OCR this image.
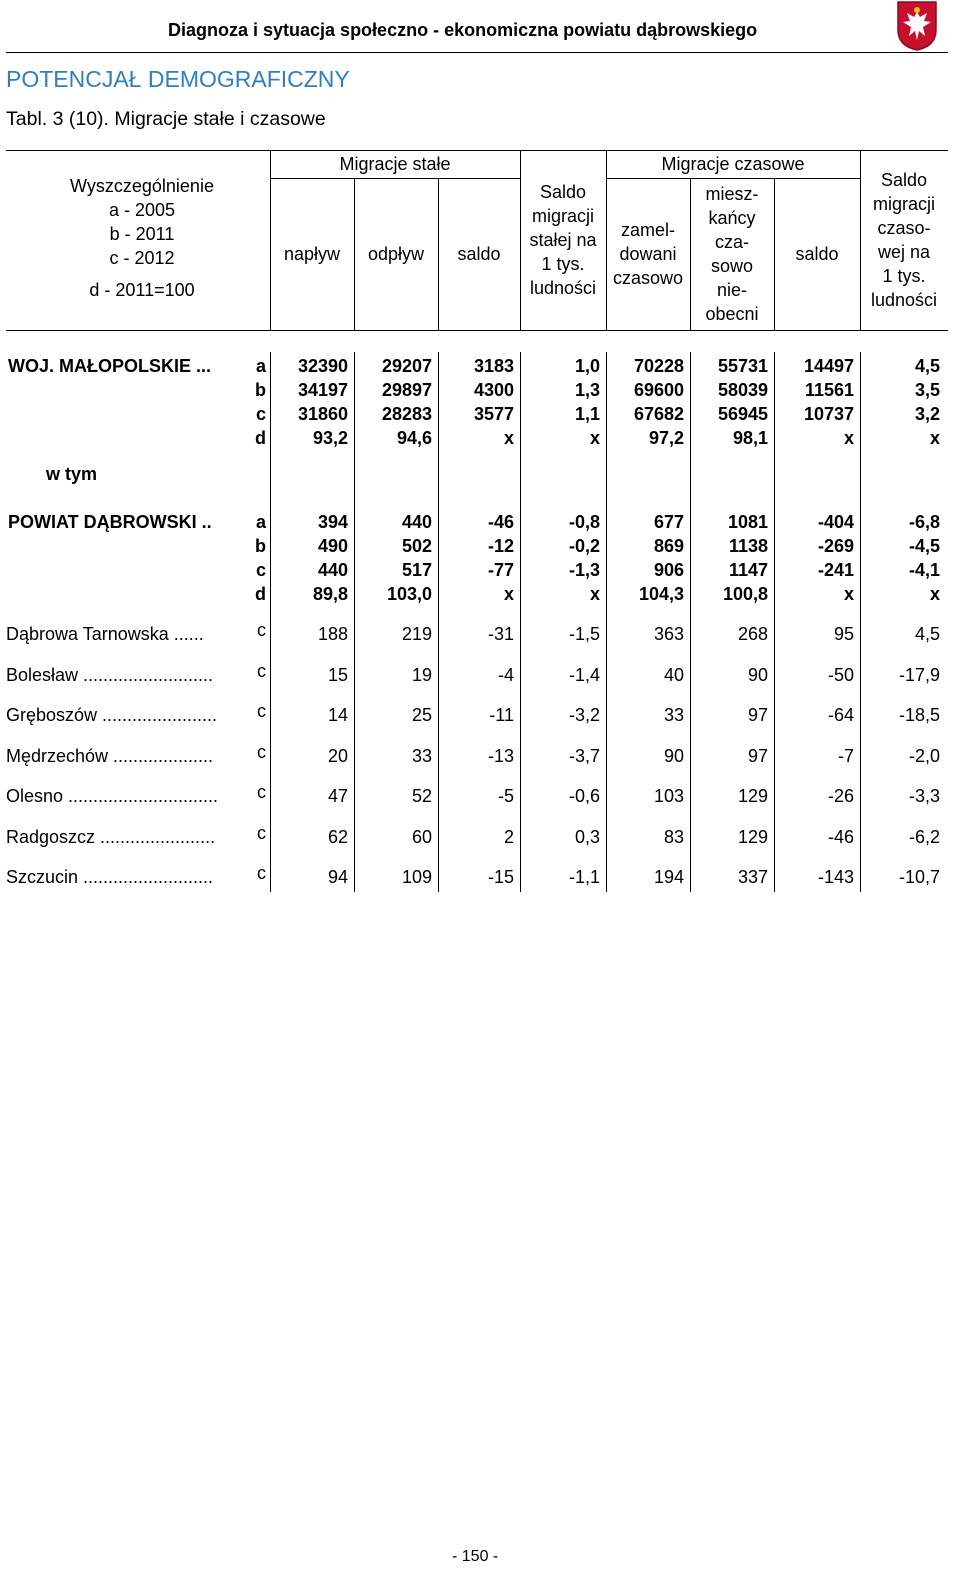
Diagnoza i sytuacja społeczno - ekonomiczna powiatu dąbrowskiego
POTENCJAŁ DEMOGRAFICZNY
Tabl. 3 (10). Migracje stałe i czasowe
Wyszczególnienie
a - 2005
b - 2011
c - 2012
d - 2011=100
Migracje stałe	Migracje czasowe
napływ	odpływ	saldo
Saldo
migracji
stałej na
1 tys.
ludności
zamel-
dowani
czasowo
miesz-
kańcy
cza-
sowo
nie-
obecni
saldo
Saldo
migracji
czaso-
wej na
1 tys.
ludności
WOJ. MAŁOPOLSKIE ...	a	32390	29207	3183	1,0	70228	55731	14497	4,5
b	34197	29897	4300	1,3	69600	58039	11561	3,5
c	31860	28283	3577	1,1	67682	56945	10737	3,2
d	93,2	94,6	x	x	97,2	98,1	x	x
POWIAT DĄBROWSKI ..	a	394	440	-46	-0,8	677	1081	-404	-6,8
b	490	502	-12	-0,2	869	1138	-269	-4,5
c	440	517	-77	-1,3	906	1147	-241	-4,1
d	89,8	103,0	x	x	104,3	100,8	x	x
Dąbrowa Tarnowska ......	c	188	219	-31	-1,5	363	268	95	4,5
Bolesław ..........................	c	15	19	-4	-1,4	40	90	-50	-17,9
Gręboszów .......................	c	14	25	-11	-3,2	33	97	-64	-18,5
Mędrzechów ....................	c	20	33	-13	-3,7	90	97	-7	-2,0
Olesno ..............................	c	47	52	-5	-0,6	103	129	-26	-3,3
Radgoszcz .......................	c	62	60	2	0,3	83	129	-46	-6,2
Szczucin ..........................	c	94	109	-15	-1,1	194	337	-143	-10,7
w tym
- 150 -
